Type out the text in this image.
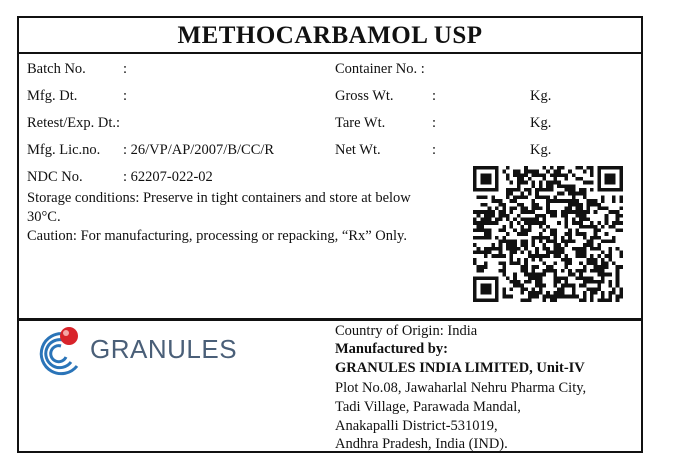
METHOCARBAMOL USP
Batch No.	:
Mfg. Dt.	:
Retest/Exp. Dt.:
Mfg. Lic.no. : 26/VP/AP/2007/B/CC/R
NDC No.	: 62207-022-02
Container No. :
Gross Wt.	:	Kg.
Tare Wt.	:	Kg.
Net Wt.	:	Kg.
Storage conditions: Preserve in tight containers and store at below 30°C.
Caution: For manufacturing, processing or repacking, “Rx” Only.
GRANULES
Country of Origin: India
Manufactured by:
GRANULES INDIA LIMITED, Unit-IV
Plot No.08, Jawaharlal Nehru Pharma City,
Tadi Village, Parawada Mandal,
Anakapalli District-531019,
Andhra Pradesh, India (IND).
